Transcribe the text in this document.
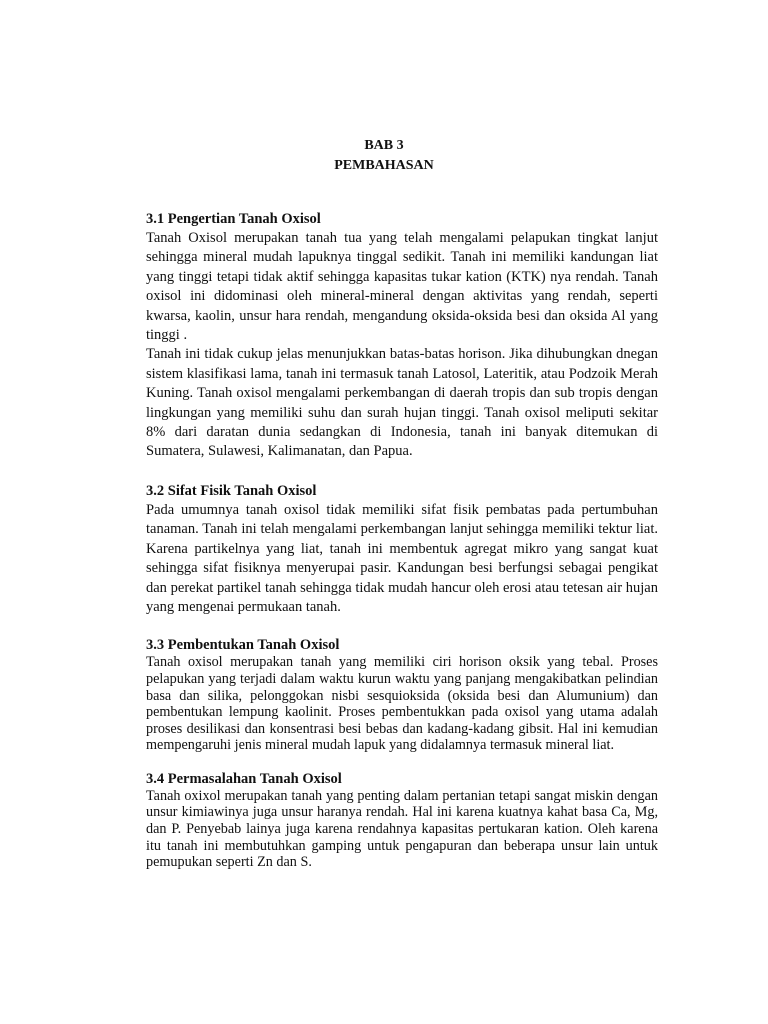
BAB 3
PEMBAHASAN
3.1 Pengertian Tanah Oxisol

Tanah Oxisol merupakan tanah tua yang telah mengalami pelapukan tingkat lanjut sehingga mineral mudah lapuknya tinggal sedikit. Tanah ini memiliki kandungan liat yang tinggi tetapi tidak aktif sehingga kapasitas tukar kation (KTK) nya rendah. Tanah oxisol ini didominasi oleh mineral-mineral dengan aktivitas yang rendah, seperti kwarsa, kaolin, unsur hara rendah, mengandung oksida-oksida besi dan oksida Al yang tinggi .

Tanah ini tidak cukup jelas menunjukkan batas-batas horison. Jika dihubungkan dnegan sistem klasifikasi lama, tanah ini termasuk tanah Latosol, Lateritik, atau Podzoik Merah Kuning. Tanah oxisol mengalami perkembangan di daerah tropis dan sub tropis dengan lingkungan yang memiliki suhu dan surah hujan tinggi. Tanah oxisol meliputi sekitar 8% dari daratan dunia sedangkan di Indonesia, tanah ini banyak ditemukan di Sumatera, Sulawesi, Kalimanatan, dan Papua.

3.2 Sifat Fisik Tanah Oxisol

Pada umumnya tanah oxisol tidak memiliki sifat fisik pembatas pada pertumbuhan tanaman. Tanah ini telah mengalami perkembangan lanjut sehingga memiliki tektur liat. Karena partikelnya yang liat, tanah ini membentuk agregat mikro yang sangat kuat sehingga sifat fisiknya menyerupai pasir. Kandungan besi berfungsi sebagai pengikat dan perekat partikel tanah sehingga tidak mudah hancur oleh erosi atau tetesan air hujan yang mengenai permukaan tanah.

3.3 Pembentukan Tanah Oxisol

Tanah oxisol merupakan tanah yang memiliki ciri horison oksik yang tebal. Proses pelapukan yang terjadi dalam waktu kurun waktu yang panjang mengakibatkan pelindian basa dan silika, pelonggokan nisbi sesquioksida (oksida besi dan Alumunium) dan pembentukan lempung kaolinit. Proses pembentukkan pada oxisol yang utama adalah proses desilikasi dan konsentrasi besi bebas dan kadang-kadang gibsit. Hal ini kemudian mempengaruhi jenis mineral mudah lapuk yang didalamnya termasuk mineral liat.

3.4 Permasalahan Tanah Oxisol

Tanah oxixol merupakan tanah yang penting dalam pertanian tetapi sangat miskin dengan unsur kimiawinya juga unsur haranya rendah. Hal ini karena kuatnya kahat basa Ca, Mg, dan P. Penyebab lainya juga karena rendahnya kapasitas pertukaran kation. Oleh karena itu tanah ini membutuhkan gamping untuk pengapuran dan beberapa unsur lain untuk pemupukan seperti Zn dan S.
